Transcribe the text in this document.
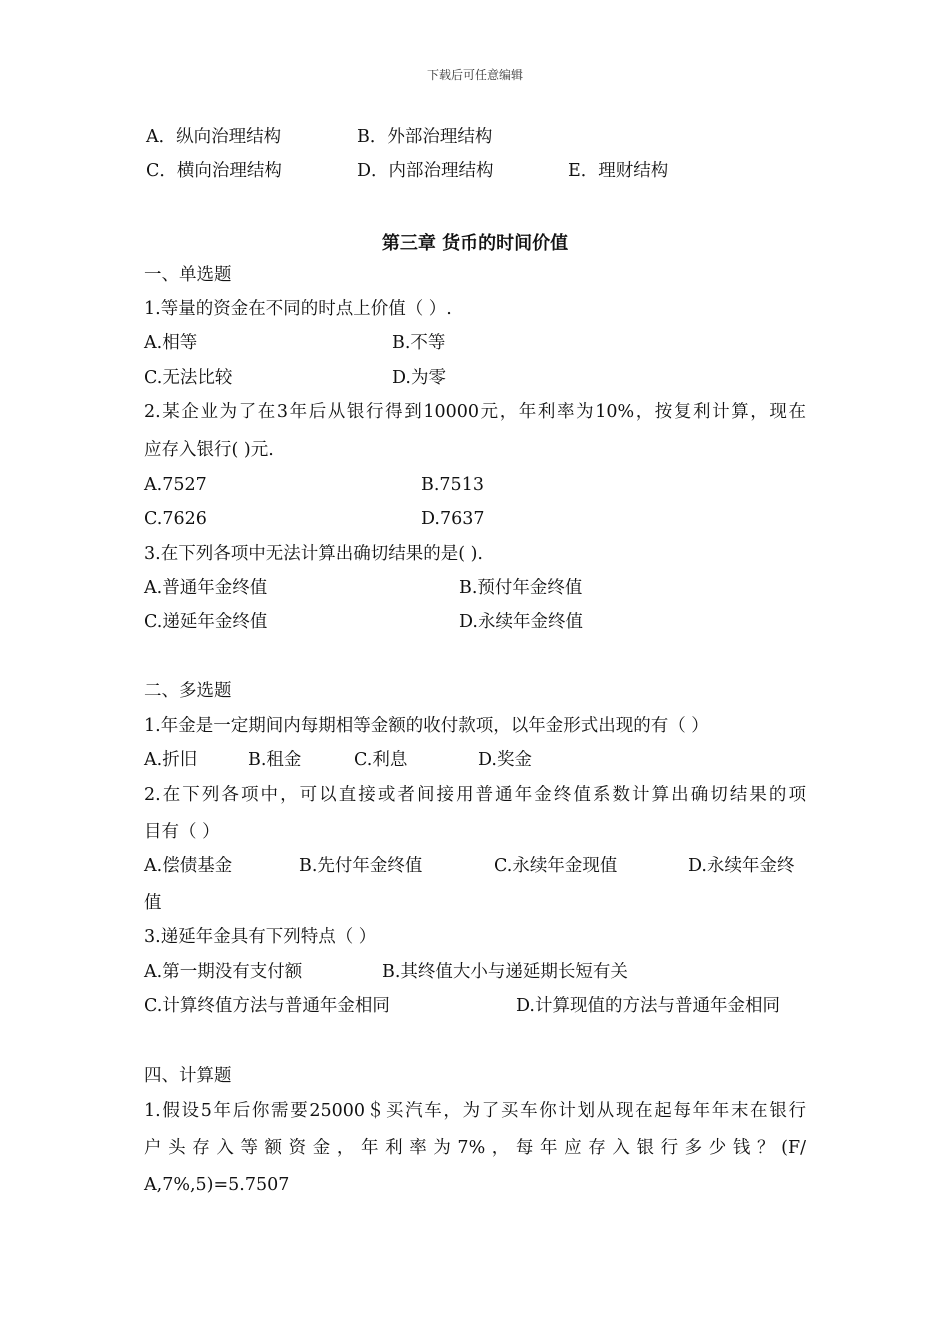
下载后可任意编辑
A．纵向治理结构	B．外部治理结构
C．横向治理结构	D．内部治理结构	E．理财结构
第三章 货币的时间价值
一、单选题
1.等量的资金在不同的时点上价值（ ）.
A.相等	B.不等
C.无法比较	D.为零
2.某企业为了在3年后从银行得到10000元，年利率为10%，按复利计算，现在
应存入银行( )元.
A.7527	B.7513
C.7626	D.7637
3.在下列各项中无法计算出确切结果的是( ).
A.普通年金终值	B.预付年金终值
C.递延年金终值	D.永续年金终值
二、多选题
1.年金是一定期间内每期相等金额的收付款项，以年金形式出现的有（ ）
A.折旧	B.租金	C.利息	D.奖金
2.在下列各项中，可以直接或者间接用普通年金终值系数计算出确切结果的项
目有（ ）
A.偿债基金	B.先付年金终值	C.永续年金现值	D.永续年金终
值
3.递延年金具有下列特点（ ）
A.第一期没有支付额	B.其终值大小与递延期长短有关
C.计算终值方法与普通年金相同	D.计算现值的方法与普通年金相同
四、计算题
1.假设5年后你需要25000＄买汽车，为了买车你计划从现在起每年年末在银行
户头存入等额资金，年利率为7%，每年应存入银行多少钱？(F/
A,7%,5)=5.7507
